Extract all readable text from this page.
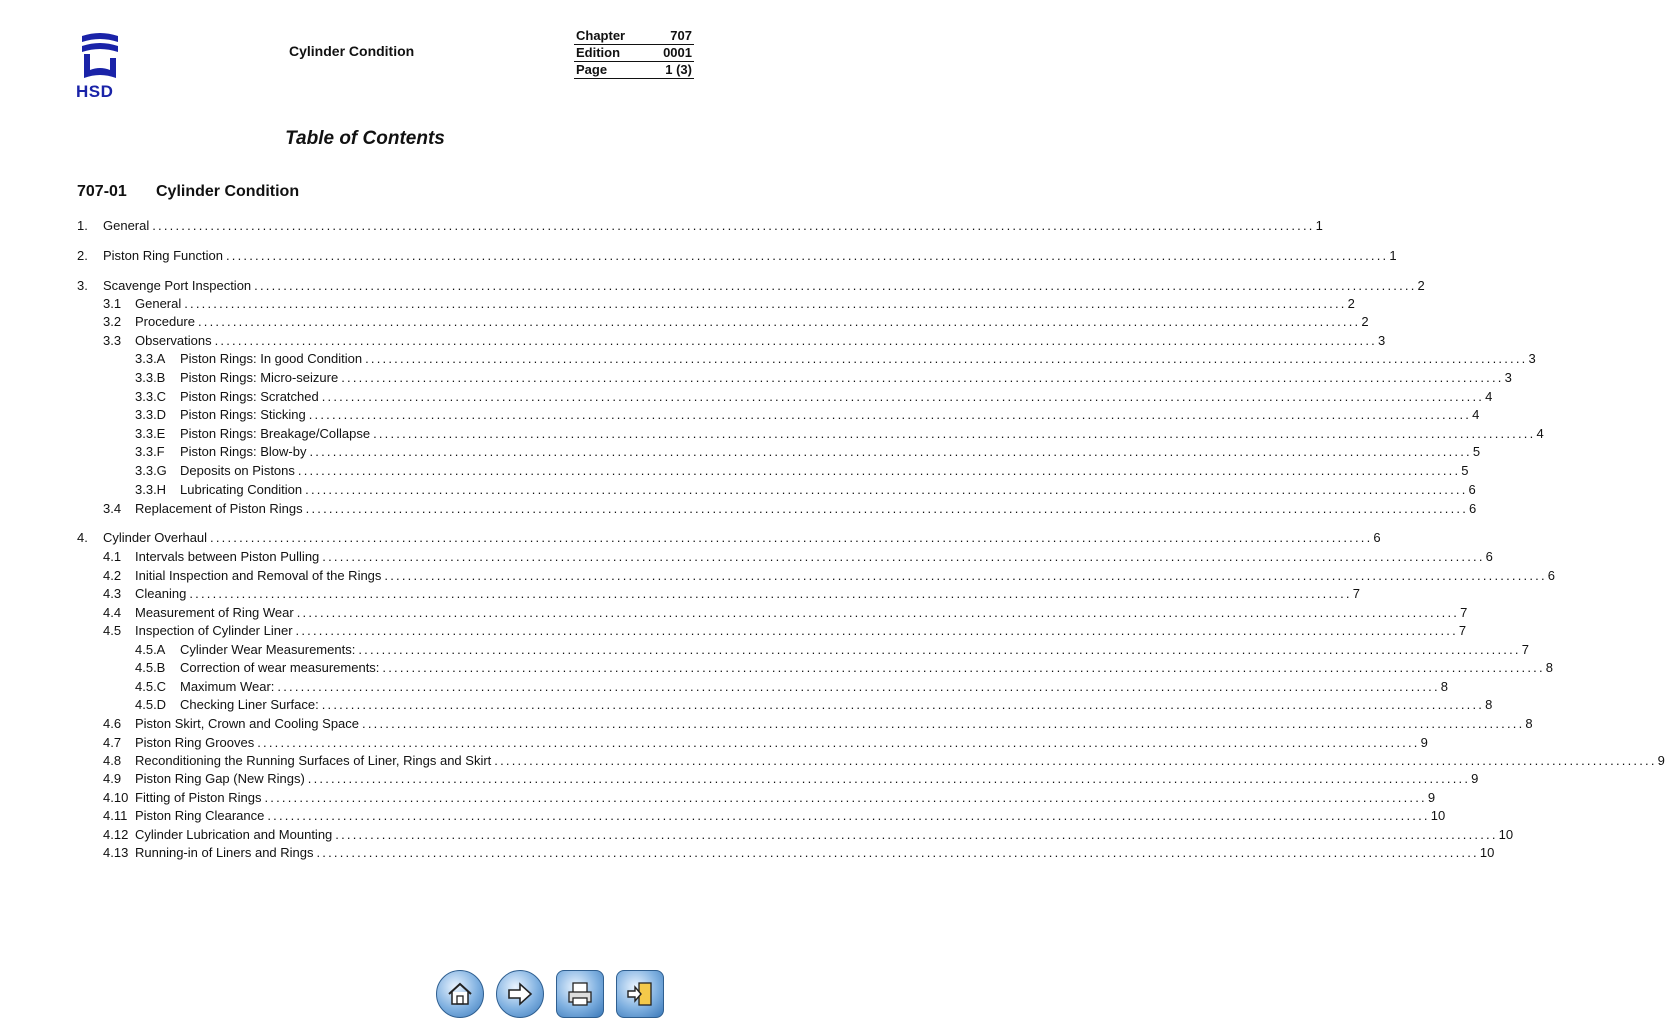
HSD
Cylinder Condition
Chapter	707
Edition	0001
Page	1 (3)
Table of Contents
707-01 Cylinder Condition
1.	General ........................................................................................................................................................................................................ 1
2.	Piston Ring Function ........................................................................................................................................................................................................ 1
3.	Scavenge Port Inspection ........................................................................................................................................................................................................ 2
3.1	General ........................................................................................................................................................................................................ 2
3.2	Procedure ........................................................................................................................................................................................................ 2
3.3	Observations ........................................................................................................................................................................................................ 3
3.3.A	Piston Rings: In good Condition ........................................................................................................................................................................................................ 3
3.3.B	Piston Rings: Micro-seizure ........................................................................................................................................................................................................ 3
3.3.C	Piston Rings: Scratched ........................................................................................................................................................................................................ 4
3.3.D	Piston Rings: Sticking ........................................................................................................................................................................................................ 4
3.3.E	Piston Rings: Breakage/Collapse ........................................................................................................................................................................................................ 4
3.3.F	Piston Rings: Blow-by ........................................................................................................................................................................................................ 5
3.3.G	Deposits on Pistons ........................................................................................................................................................................................................ 5
3.3.H	Lubricating Condition ........................................................................................................................................................................................................ 6
3.4	Replacement of Piston Rings ........................................................................................................................................................................................................ 6
4.	Cylinder Overhaul ........................................................................................................................................................................................................ 6
4.1	Intervals between Piston Pulling ........................................................................................................................................................................................................ 6
4.2	Initial Inspection and Removal of the Rings ........................................................................................................................................................................................................ 6
4.3	Cleaning ........................................................................................................................................................................................................ 7
4.4	Measurement of Ring Wear ........................................................................................................................................................................................................ 7
4.5	Inspection of Cylinder Liner ........................................................................................................................................................................................................ 7
4.5.A	Cylinder Wear Measurements: ........................................................................................................................................................................................................ 7
4.5.B	Correction of wear measurements: ........................................................................................................................................................................................................ 8
4.5.C	Maximum Wear: ........................................................................................................................................................................................................ 8
4.5.D	Checking Liner Surface: ........................................................................................................................................................................................................ 8
4.6	Piston Skirt, Crown and Cooling Space ........................................................................................................................................................................................................ 8
4.7	Piston Ring Grooves ........................................................................................................................................................................................................ 9
4.8	Reconditioning the Running Surfaces of Liner, Rings and Skirt ........................................................................................................................................................................................................ 9
4.9	Piston Ring Gap (New Rings) ........................................................................................................................................................................................................ 9
4.10 Fitting of Piston Rings ........................................................................................................................................................................................................ 9
4.11 Piston Ring Clearance ........................................................................................................................................................................................................ 10
4.12 Cylinder Lubrication and Mounting ........................................................................................................................................................................................................ 10
4.13 Running-in of Liners and Rings ........................................................................................................................................................................................................ 10
